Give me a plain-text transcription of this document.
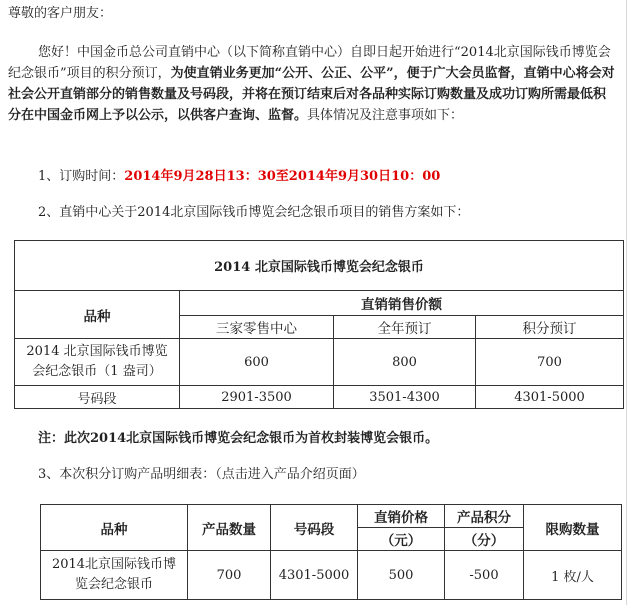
尊敬的客户朋友：

您好！中国金币总公司直销中心（以下简称直销中心）自即日起开始进行“2014北京国际钱币博览会纪念银币”项目的积分预订，为使直销业务更加“公开、公正、公平”，便于广大会员监督，直销中心将会对社会公开直销部分的销售数量及号码段，并将在预订结束后对各品种实际订购数量及成功订购所需最低积分在中国金币网上予以公示，以供客户查询、监督。具体情况及注意事项如下：

1、订购时间：2014年9月28日13：30至2014年9月30日10：00

2、直销中心关于2014北京国际钱币博览会纪念银币项目的销售方案如下：

2014 北京国际钱币博览会纪念银币			
品种	直销销售价额		
	三家零售中心	全年预订	积分预订
2014 北京国际钱币博览会纪念银币（1 盎司）	600	800	700
号码段	2901-3500	3501-4300	4301-5000

注：此次2014北京国际钱币博览会纪念银币为首枚封装博览会银币。

3、本次积分订购产品明细表：（点击进入产品介绍页面）

品种	产品数量	号码段	直销价格	产品积分	限购数量
			（元）	（分）	
2014北京国际钱币博览会纪念银币	700	4301-5000	500	-500	1 枚/人
